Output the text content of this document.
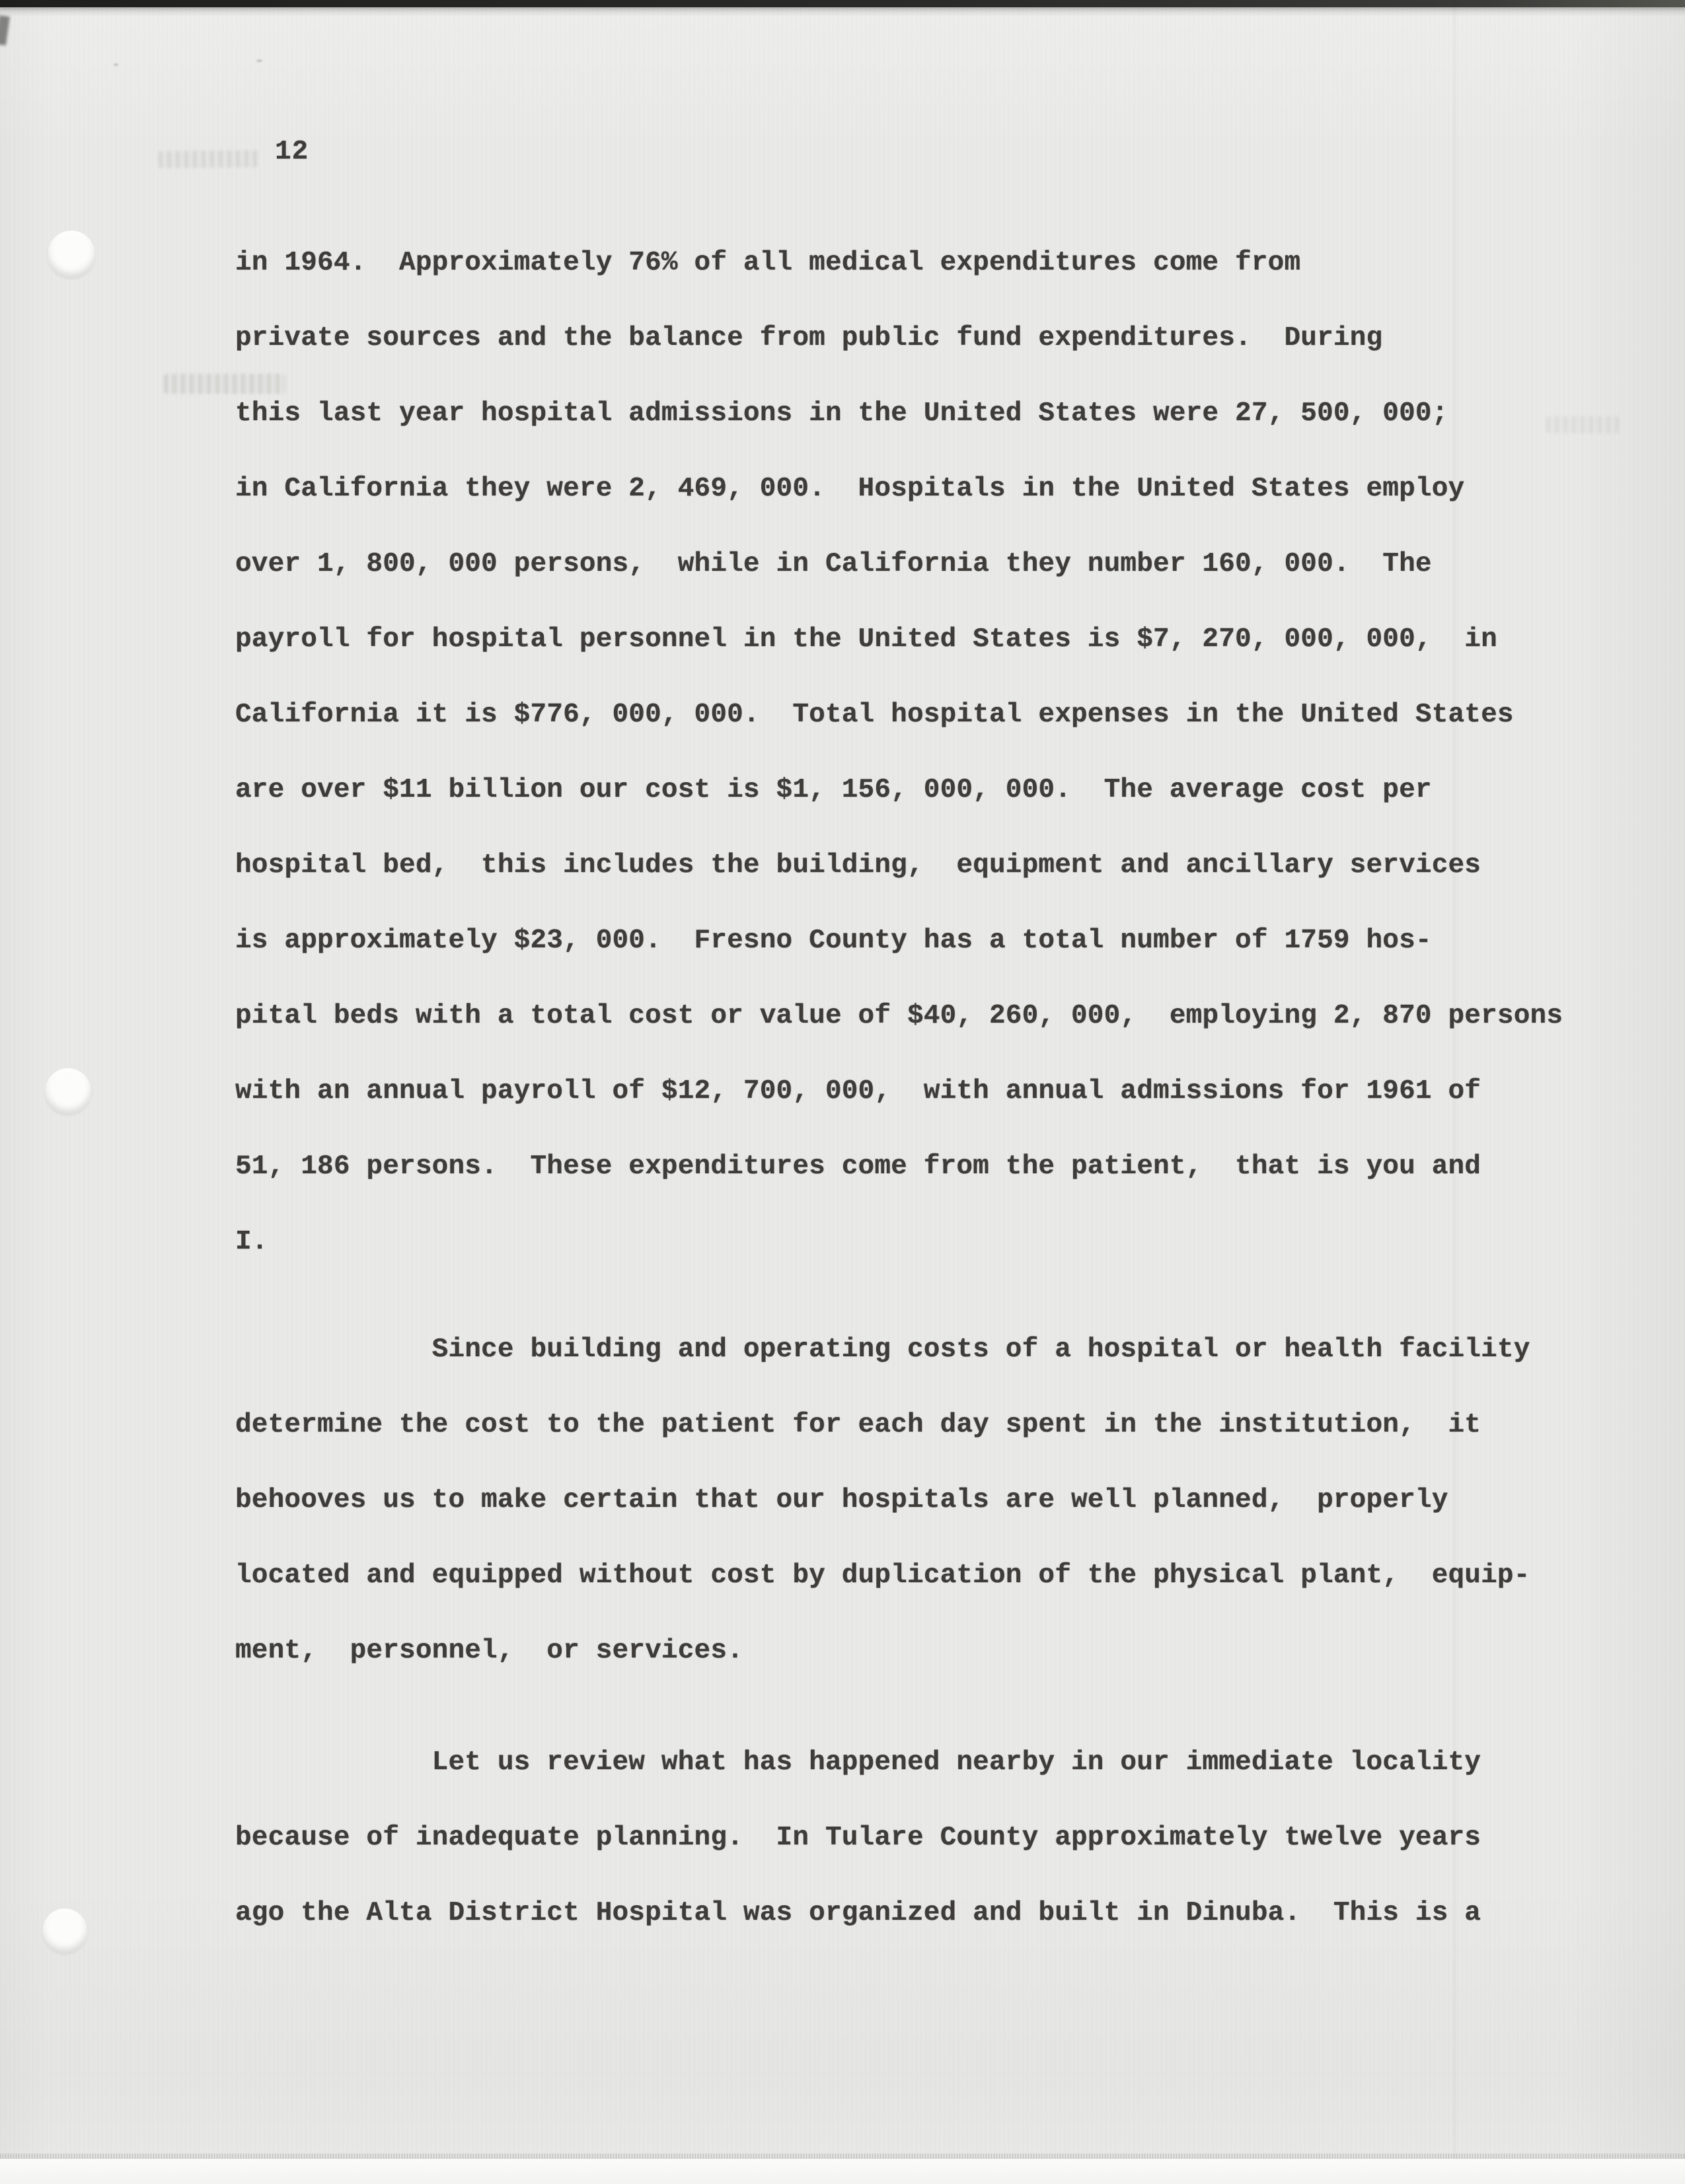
12
in 1964.  Approximately 76% of all medical expenditures come from
private sources and the balance from public fund expenditures.  During
this last year hospital admissions in the United States were 27, 500, 000;
in California they were 2, 469, 000.  Hospitals in the United States employ
over 1, 800, 000 persons,  while in California they number 160, 000.  The
payroll for hospital personnel in the United States is $7, 270, 000, 000,  in
California it is $776, 000, 000.  Total hospital expenses in the United States
are over $11 billion our cost is $1, 156, 000, 000.  The average cost per
hospital bed,  this includes the building,  equipment and ancillary services
is approximately $23, 000.  Fresno County has a total number of 1759 hos-
pital beds with a total cost or value of $40, 260, 000,  employing 2, 870 persons
with an annual payroll of $12, 700, 000,  with annual admissions for 1961 of
51, 186 persons.  These expenditures come from the patient,  that is you and
I.
Since building and operating costs of a hospital or health facility
determine the cost to the patient for each day spent in the institution,  it
behooves us to make certain that our hospitals are well planned,  properly
located and equipped without cost by duplication of the physical plant,  equip-
ment,  personnel,  or services.
Let us review what has happened nearby in our immediate locality
because of inadequate planning.  In Tulare County approximately twelve years
ago the Alta District Hospital was organized and built in Dinuba.  This is a
